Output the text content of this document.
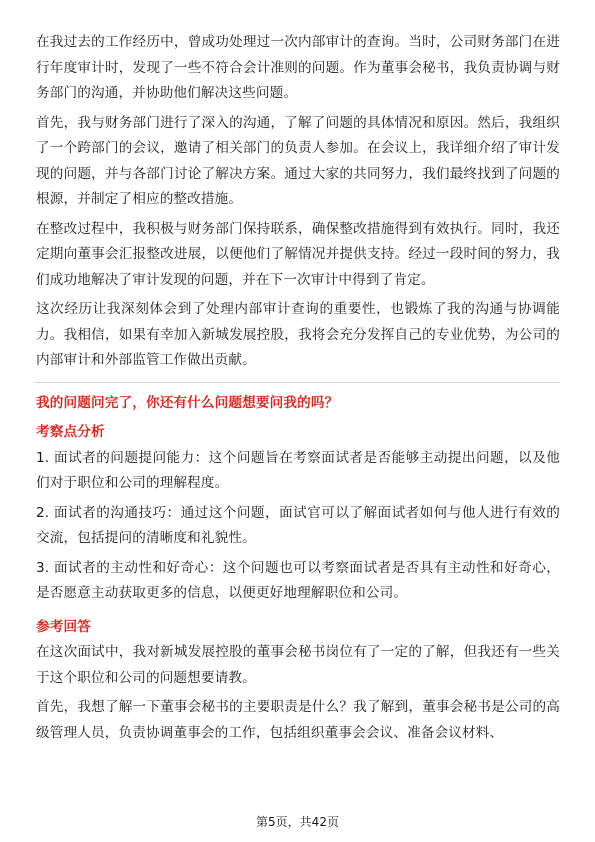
在我过去的工作经历中，曾成功处理过一次内部审计的查询。当时，公司财务部门在进行年度审计时，发现了一些不符合会计准则的问题。作为董事会秘书，我负责协调与财务部门的沟通，并协助他们解决这些问题。

首先，我与财务部门进行了深入的沟通，了解了问题的具体情况和原因。然后，我组织了一个跨部门的会议，邀请了相关部门的负责人参加。在会议上，我详细介绍了审计发现的问题，并与各部门讨论了解决方案。通过大家的共同努力，我们最终找到了问题的根源，并制定了相应的整改措施。

在整改过程中，我积极与财务部门保持联系，确保整改措施得到有效执行。同时，我还定期向董事会汇报整改进展，以便他们了解情况并提供支持。经过一段时间的努力，我们成功地解决了审计发现的问题，并在下一次审计中得到了肯定。

这次经历让我深刻体会到了处理内部审计查询的重要性，也锻炼了我的沟通与协调能力。我相信，如果有幸加入新城发展控股，我将会充分发挥自己的专业优势，为公司的内部审计和外部监管工作做出贡献。

我的问题问完了，你还有什么问题想要问我的吗？

考察点分析

1. 面试者的问题提问能力：这个问题旨在考察面试者是否能够主动提出问题，以及他们对于职位和公司的理解程度。

2. 面试者的沟通技巧：通过这个问题，面试官可以了解面试者如何与他人进行有效的交流，包括提问的清晰度和礼貌性。

3. 面试者的主动性和好奇心：这个问题也可以考察面试者是否具有主动性和好奇心，是否愿意主动获取更多的信息，以便更好地理解职位和公司。

参考回答

在这次面试中，我对新城发展控股的董事会秘书岗位有了一定的了解，但我还有一些关于这个职位和公司的问题想要请教。

首先，我想了解一下董事会秘书的主要职责是什么？我了解到，董事会秘书是公司的高级管理人员，负责协调董事会的工作，包括组织董事会会议、准备会议材料、

第5页，共42页
